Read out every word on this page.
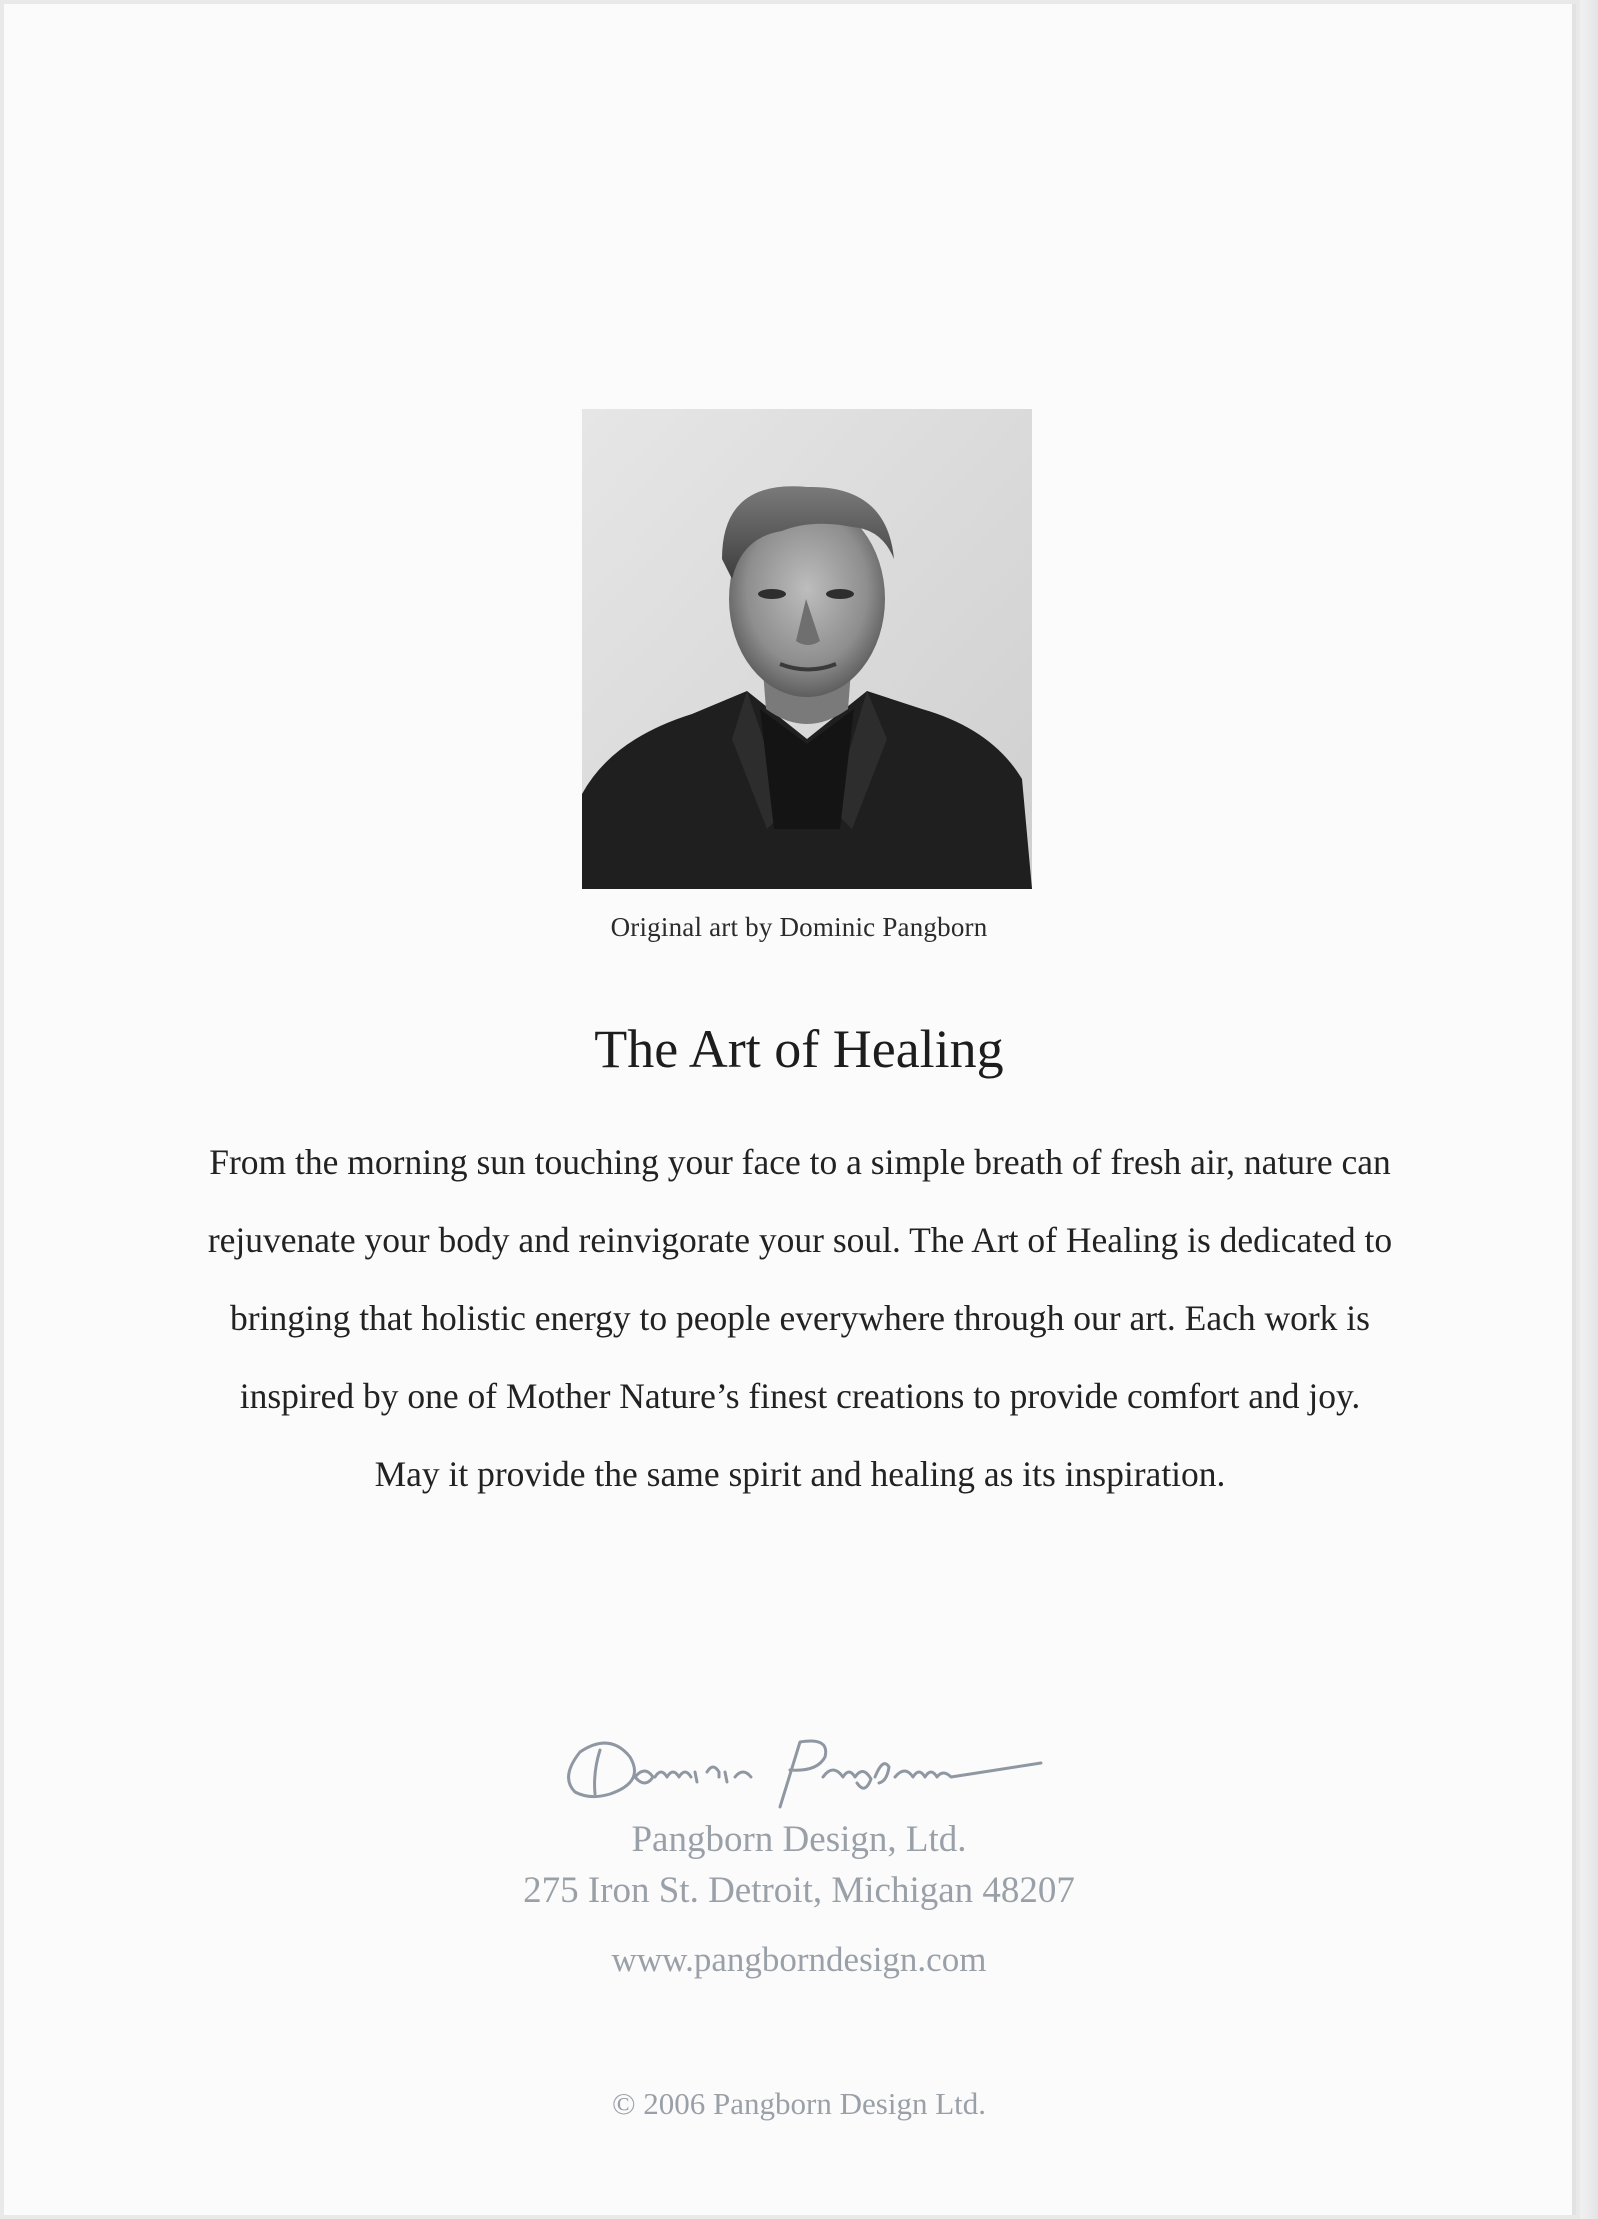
Original art by Dominic Pangborn
The Art of Healing

From the morning sun touching your face to a simple breath of fresh air, nature can

rejuvenate your body and reinvigorate your soul. The Art of Healing is dedicated to

bringing that holistic energy to people everywhere through our art. Each work is

inspired by one of Mother Nature’s finest creations to provide comfort and joy.

May it provide the same spirit and healing as its inspiration.

Pangborn Design, Ltd.
275 Iron St. Detroit, Michigan 48207
www.pangborndesign.com
© 2006 Pangborn Design Ltd.
